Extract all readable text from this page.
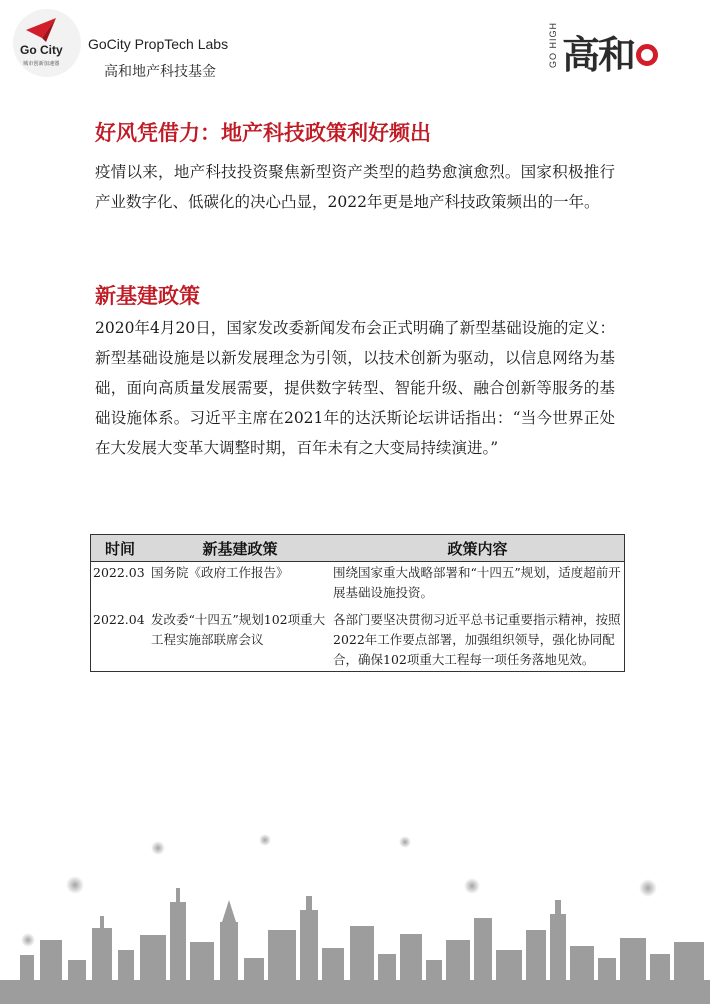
Go City
城市创新加速器
GoCity PropTech Labs
高和地产科技基金
GO HIGH 高和
好风凭借力：地产科技政策利好频出
疫情以来，地产科技投资聚焦新型资产类型的趋势愈演愈烈。国家积极推行产业数字化、低碳化的决心凸显，2022年更是地产科技政策频出的一年。
新基建政策
2020年4月20日，国家发改委新闻发布会正式明确了新型基础设施的定义：新型基础设施是以新发展理念为引领，以技术创新为驱动，以信息网络为基础，面向高质量发展需要，提供数字转型、智能升级、融合创新等服务的基础设施体系。习近平主席在2021年的达沃斯论坛讲话指出：“当今世界正处在大发展大变革大调整时期，百年未有之大变局持续演进。”
时间	新基建政策	政策内容
2022.03	国务院《政府工作报告》	围绕国家重大战略部署和“十四五”规划，适度超前开展基础设施投资。
2022.04	发改委“十四五”规划102项重大工程实施部联席会议	各部门要坚决贯彻习近平总书记重要指示精神，按照2022年工作要点部署，加强组织领导，强化协同配合，确保102项重大工程每一项任务落地见效。
